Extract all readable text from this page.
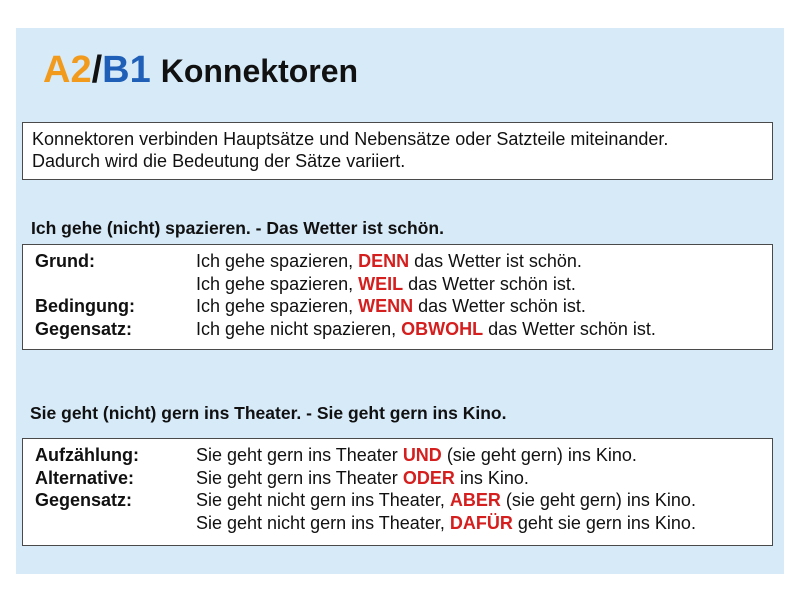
A2/B1 Konnektoren
Konnektoren verbinden Hauptsätze und Nebensätze oder Satzteile miteinander.
Dadurch wird die Bedeutung der Sätze variiert.
Ich gehe (nicht) spazieren. - Das Wetter ist schön.
Grund:	Ich gehe spazieren, DENN das Wetter ist schön.
Ich gehe spazieren, WEIL das Wetter schön ist.
Bedingung:	Ich gehe spazieren, WENN das Wetter schön ist.
Gegensatz:	Ich gehe nicht spazieren, OBWOHL das Wetter schön ist.
Sie geht (nicht) gern ins Theater. - Sie geht gern ins Kino.
Aufzählung:	Sie geht gern ins Theater UND (sie geht gern) ins Kino.
Alternative:	Sie geht gern ins Theater ODER ins Kino.
Gegensatz:	Sie geht nicht gern ins Theater, ABER (sie geht gern) ins Kino.
Sie geht nicht gern ins Theater, DAFÜR geht sie gern ins Kino.
